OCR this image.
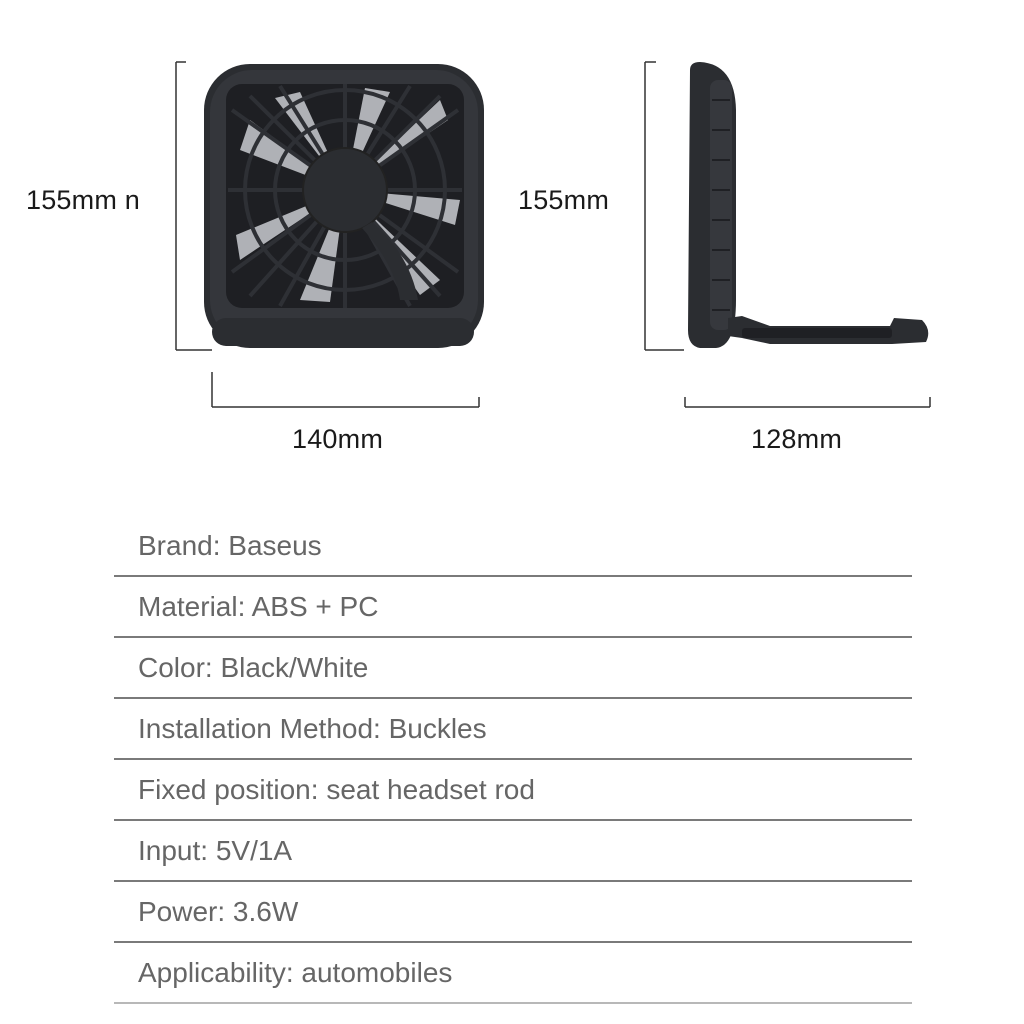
155mm n	155mm
140mm	128mm
Brand: Baseus
Material: ABS + PC
Color: Black/White
Installation Method: Buckles
Fixed position: seat headset rod
Input: 5V/1A
Power: 3.6W
Applicability: automobiles
